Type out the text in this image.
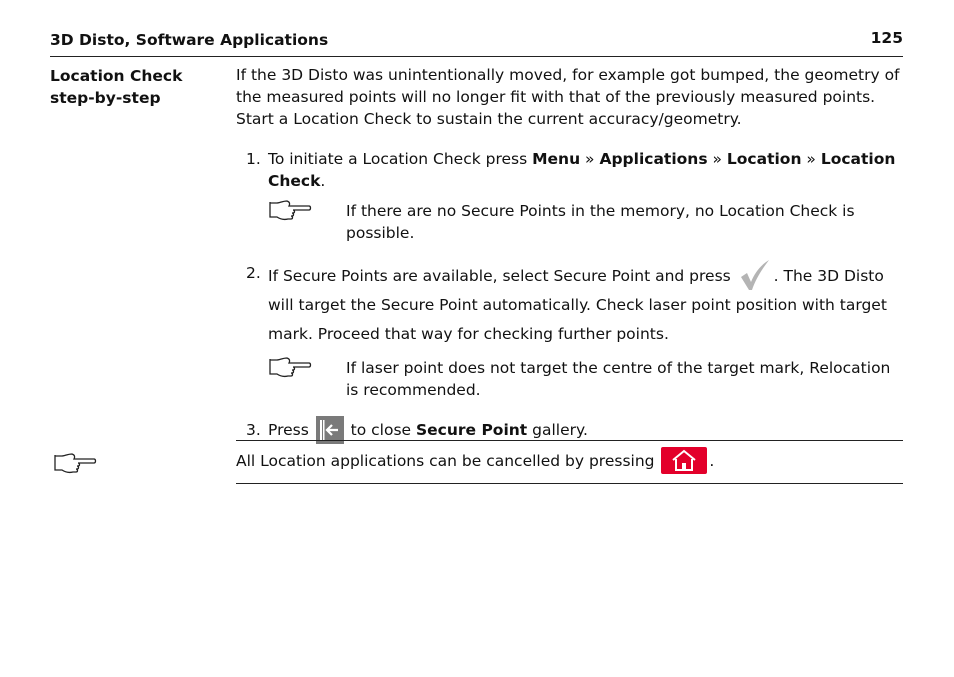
3D Disto, Software Applications	125
Location Check
step-by-step

If the 3D Disto was unintentionally moved, for example got bumped, the geometry of the measured points will no longer fit with that of the previously measured points. Start a Location Check to sustain the current accuracy/geometry.

1. To initiate a Location Check press Menu » Applications » Location » Location
Check.
If there are no Secure Points in the memory, no Location Check is possible.
2. If Secure Points are available, select Secure Point and press . The 3D Disto will target the Secure Point automatically. Check laser point position with target mark. Proceed that way for checking further points.
If laser point does not target the centre of the target mark, Relocation is recommended.
3. Press
to close Secure Point gallery.
All Location applications can be cancelled by pressing	.
